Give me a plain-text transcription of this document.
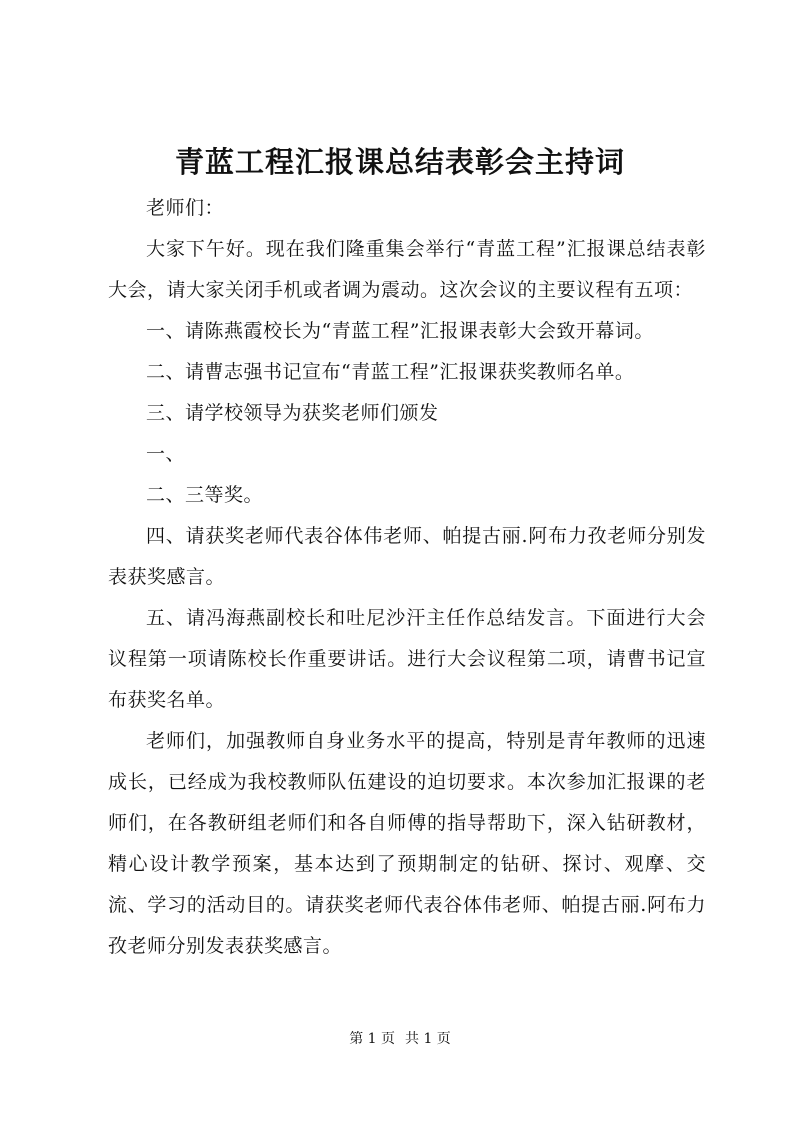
青蓝工程汇报课总结表彰会主持词

老师们：

大家下午好。现在我们隆重集会举行“青蓝工程”汇报课总结表彰大会，请大家关闭手机或者调为震动。这次会议的主要议程有五项：

一、请陈燕霞校长为“青蓝工程”汇报课表彰大会致开幕词。

二、请曹志强书记宣布“青蓝工程”汇报课获奖教师名单。

三、请学校领导为获奖老师们颁发

一、

二、三等奖。

四、请获奖老师代表谷体伟老师、帕提古丽.阿布力孜老师分别发表获奖感言。

五、请冯海燕副校长和吐尼沙汗主任作总结发言。下面进行大会议程第一项请陈校长作重要讲话。进行大会议程第二项，请曹书记宣布获奖名单。

老师们，加强教师自身业务水平的提高，特别是青年教师的迅速成长，已经成为我校教师队伍建设的迫切要求。本次参加汇报课的老师们，在各教研组老师们和各自师傅的指导帮助下，深入钻研教材，精心设计教学预案，基本达到了预期制定的钻研、探讨、观摩、交流、学习的活动目的。请获奖老师代表谷体伟老师、帕提古丽.阿布力孜老师分别发表获奖感言。

第 1 页 共 1 页
